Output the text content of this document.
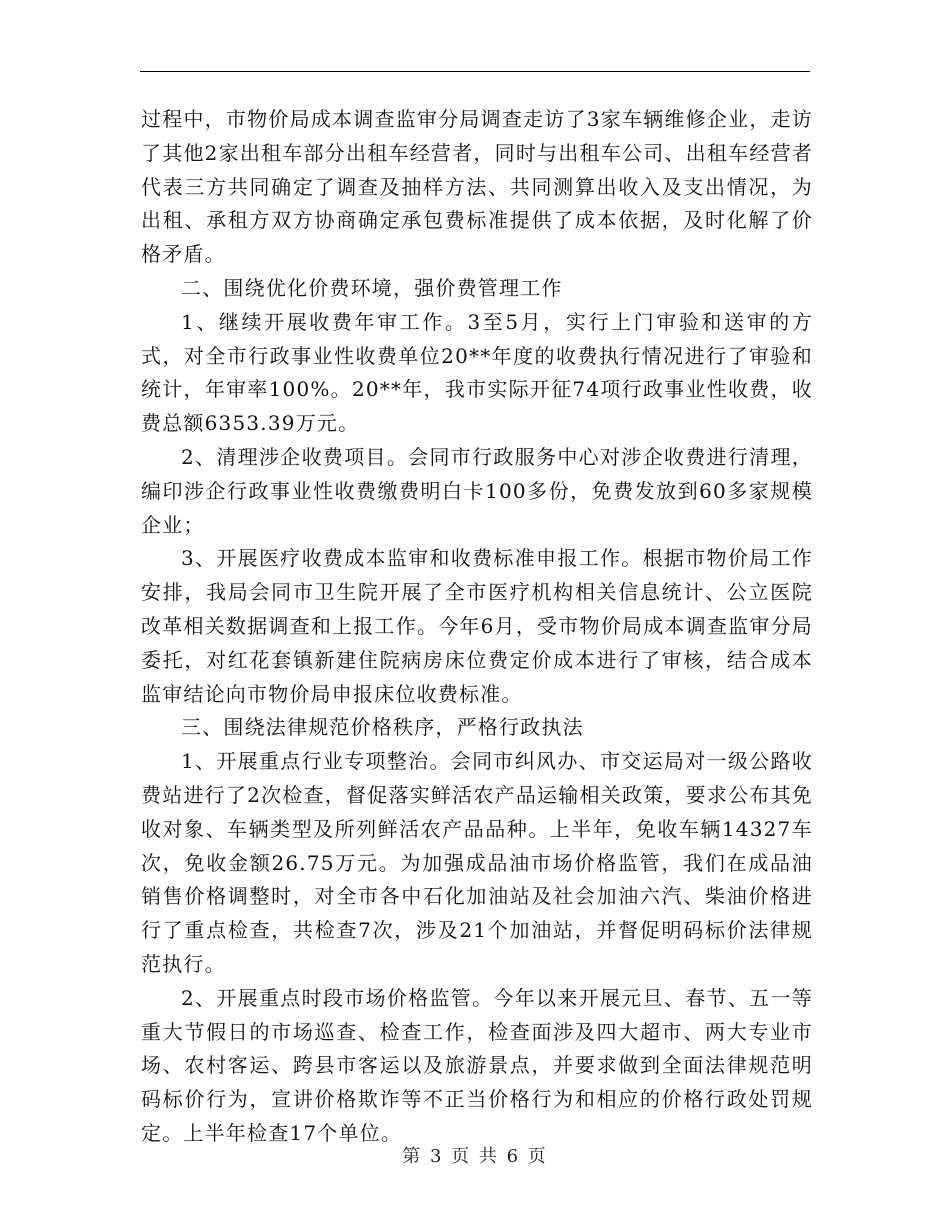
过程中，市物价局成本调查监审分局调查走访了3家车辆维修企业，走访了其他2家出租车部分出租车经营者，同时与出租车公司、出租车经营者代表三方共同确定了调查及抽样方法、共同测算出收入及支出情况，为出租、承租方双方协商确定承包费标准提供了成本依据，及时化解了价格矛盾。

二、围绕优化价费环境，强价费管理工作

1、继续开展收费年审工作。3至5月，实行上门审验和送审的方式，对全市行政事业性收费单位20**年度的收费执行情况进行了审验和统计，年审率100%。20**年，我市实际开征74项行政事业性收费，收费总额6353.39万元。

2、清理涉企收费项目。会同市行政服务中心对涉企收费进行清理，编印涉企行政事业性收费缴费明白卡100多份，免费发放到60多家规模企业；

3、开展医疗收费成本监审和收费标准申报工作。根据市物价局工作安排，我局会同市卫生院开展了全市医疗机构相关信息统计、公立医院改革相关数据调查和上报工作。今年6月，受市物价局成本调查监审分局委托，对红花套镇新建住院病房床位费定价成本进行了审核，结合成本监审结论向市物价局申报床位收费标准。

三、围绕法律规范价格秩序，严格行政执法

1、开展重点行业专项整治。会同市纠风办、市交运局对一级公路收费站进行了2次检查，督促落实鲜活农产品运输相关政策，要求公布其免收对象、车辆类型及所列鲜活农产品品种。上半年，免收车辆14327车次，免收金额26.75万元。为加强成品油市场价格监管，我们在成品油销售价格调整时，对全市各中石化加油站及社会加油六汽、柴油价格进行了重点检查，共检查7次，涉及21个加油站，并督促明码标价法律规范执行。

2、开展重点时段市场价格监管。今年以来开展元旦、春节、五一等重大节假日的市场巡查、检查工作，检查面涉及四大超市、两大专业市场、农村客运、跨县市客运以及旅游景点，并要求做到全面法律规范明码标价行为，宣讲价格欺诈等不正当价格行为和相应的价格行政处罚规定。上半年检查17个单位。

第 3 页 共 6 页
